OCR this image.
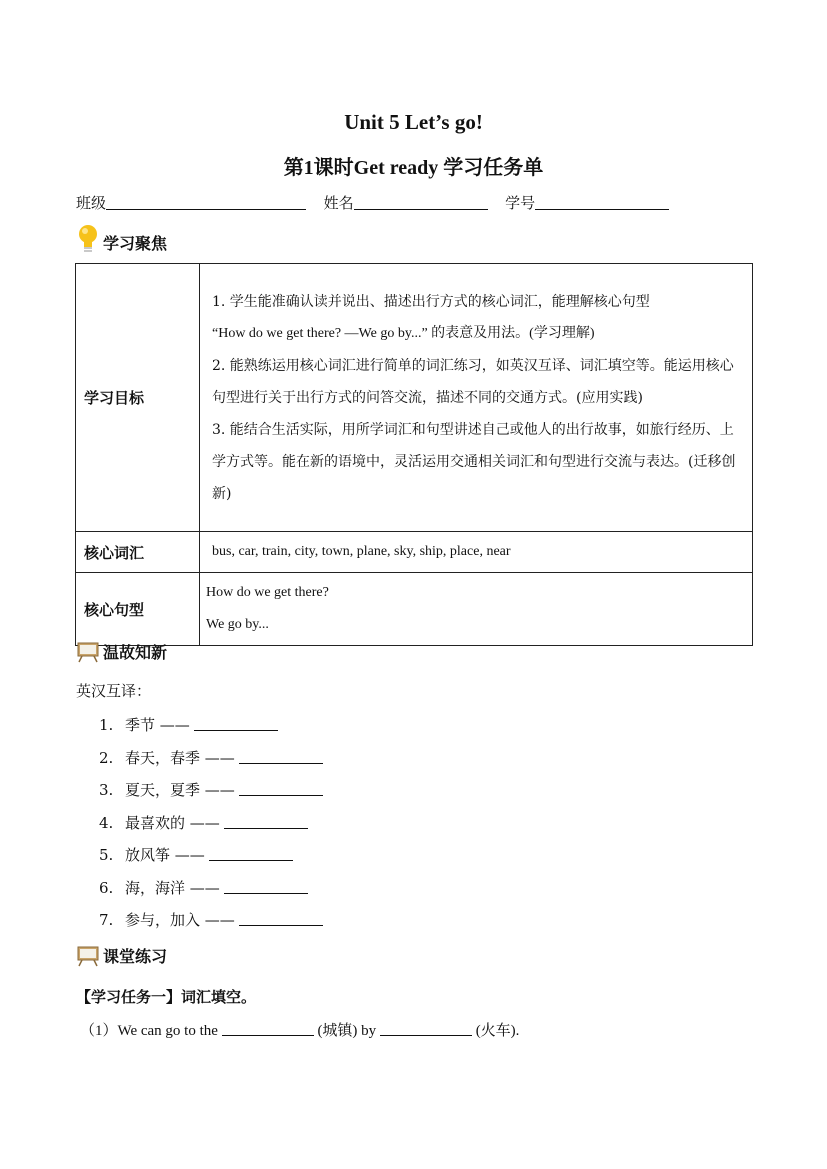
Unit 5 Let’s go!
第1课时Get ready 学习任务单
班级	姓名	学号
学习聚焦
学习目标	1. 学生能准确认读并说出、描述出行方式的核心词汇，能理解核心句型

“How do we get there? —We go by...” 的表意及用法。(学习理解)

2. 能熟练运用核心词汇进行简单的词汇练习，如英汉互译、词汇填空等。能运用核心句型进行关于出行方式的问答交流，描述不同的交通方式。(应用实践)

3. 能结合生活实际，用所学词汇和句型讲述自己或他人的出行故事，如旅行经历、上学方式等。能在新的语境中，灵活运用交通相关词汇和句型进行交流与表达。(迁移创新)

核心词汇	bus, car, train, city, town, plane, sky, ship, place, near
核心句型	How do we get there?

We go by...

温故知新
英汉互译：
1. 季节 ——
2. 春天，春季 ——
3. 夏天，夏季 ——
4. 最喜欢的 ——
5. 放风筝 ——
6. 海，海洋 ——
7. 参与，加入 ——
课堂练习
【学习任务一】词汇填空。
（1）We can go to the	(城镇) by	(火车).
